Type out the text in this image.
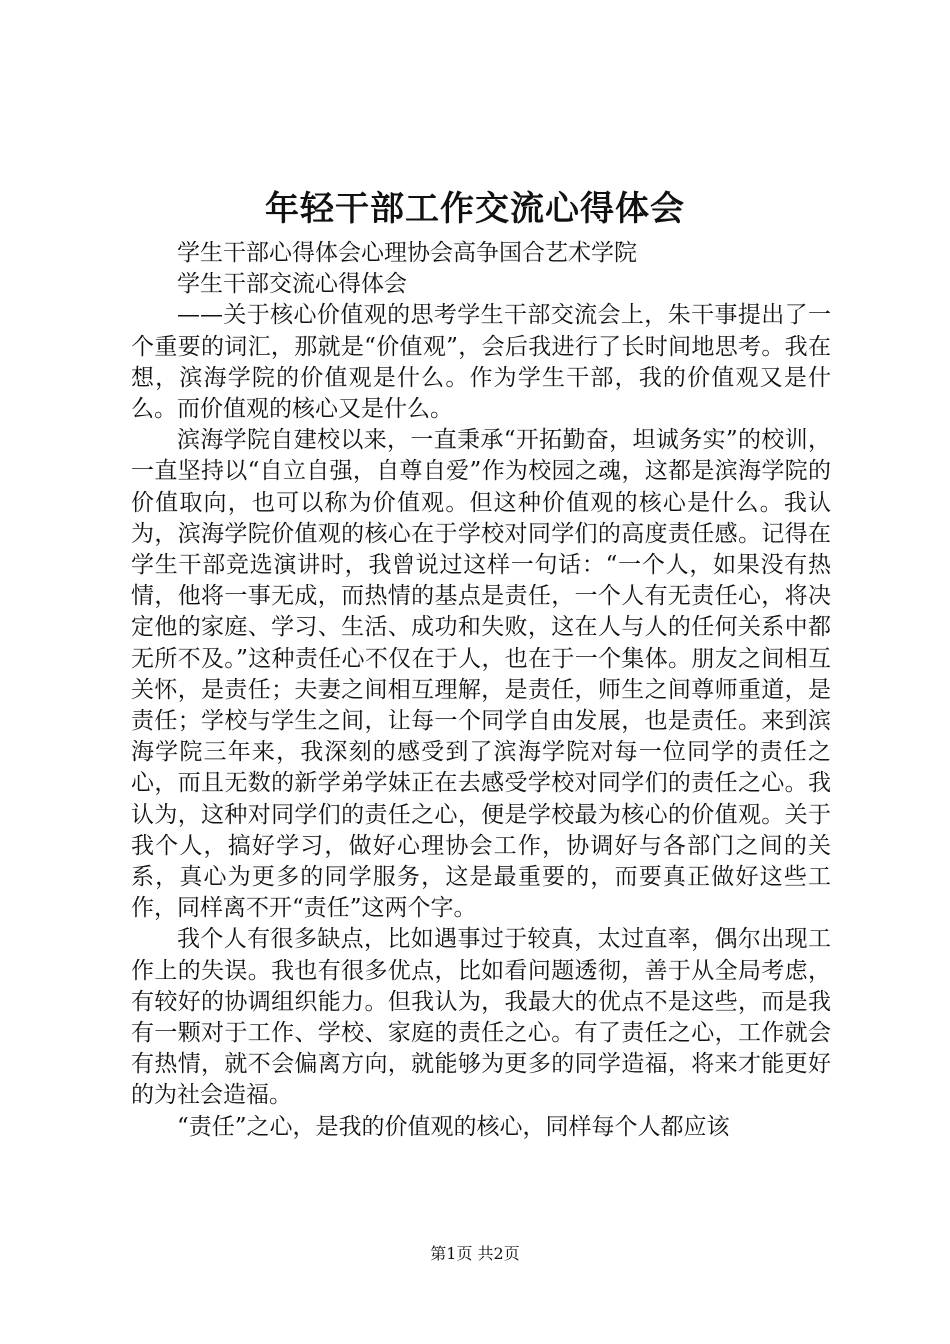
年轻干部工作交流心得体会

学生干部心得体会心理协会高争国合艺术学院

学生干部交流心得体会

——关于核心价值观的思考学生干部交流会上，朱干事提出了一个重要的词汇，那就是“价值观”，会后我进行了长时间地思考。我在想，滨海学院的价值观是什么。作为学生干部，我的价值观又是什么。而价值观的核心又是什么。

滨海学院自建校以来，一直秉承“开拓勤奋，坦诚务实”的校训，一直坚持以“自立自强，自尊自爱”作为校园之魂，这都是滨海学院的价值取向，也可以称为价值观。但这种价值观的核心是什么。我认为，滨海学院价值观的核心在于学校对同学们的高度责任感。记得在学生干部竞选演讲时，我曾说过这样一句话：“一个人，如果没有热情，他将一事无成，而热情的基点是责任，一个人有无责任心，将决定他的家庭、学习、生活、成功和失败，这在人与人的任何关系中都无所不及。”这种责任心不仅在于人，也在于一个集体。朋友之间相互关怀，是责任；夫妻之间相互理解，是责任，师生之间尊师重道，是责任；学校与学生之间，让每一个同学自由发展，也是责任。来到滨海学院三年来，我深刻的感受到了滨海学院对每一位同学的责任之心，而且无数的新学弟学妹正在去感受学校对同学们的责任之心。我认为，这种对同学们的责任之心，便是学校最为核心的价值观。关于我个人，搞好学习，做好心理协会工作，协调好与各部门之间的关系，真心为更多的同学服务，这是最重要的，而要真正做好这些工作，同样离不开“责任”这两个字。

我个人有很多缺点，比如遇事过于较真，太过直率，偶尔出现工作上的失误。我也有很多优点，比如看问题透彻，善于从全局考虑，有较好的协调组织能力。但我认为，我最大的优点不是这些，而是我有一颗对于工作、学校、家庭的责任之心。有了责任之心，工作就会有热情，就不会偏离方向，就能够为更多的同学造福，将来才能更好的为社会造福。

“责任”之心，是我的价值观的核心，同样每个人都应该

第1页 共2页
